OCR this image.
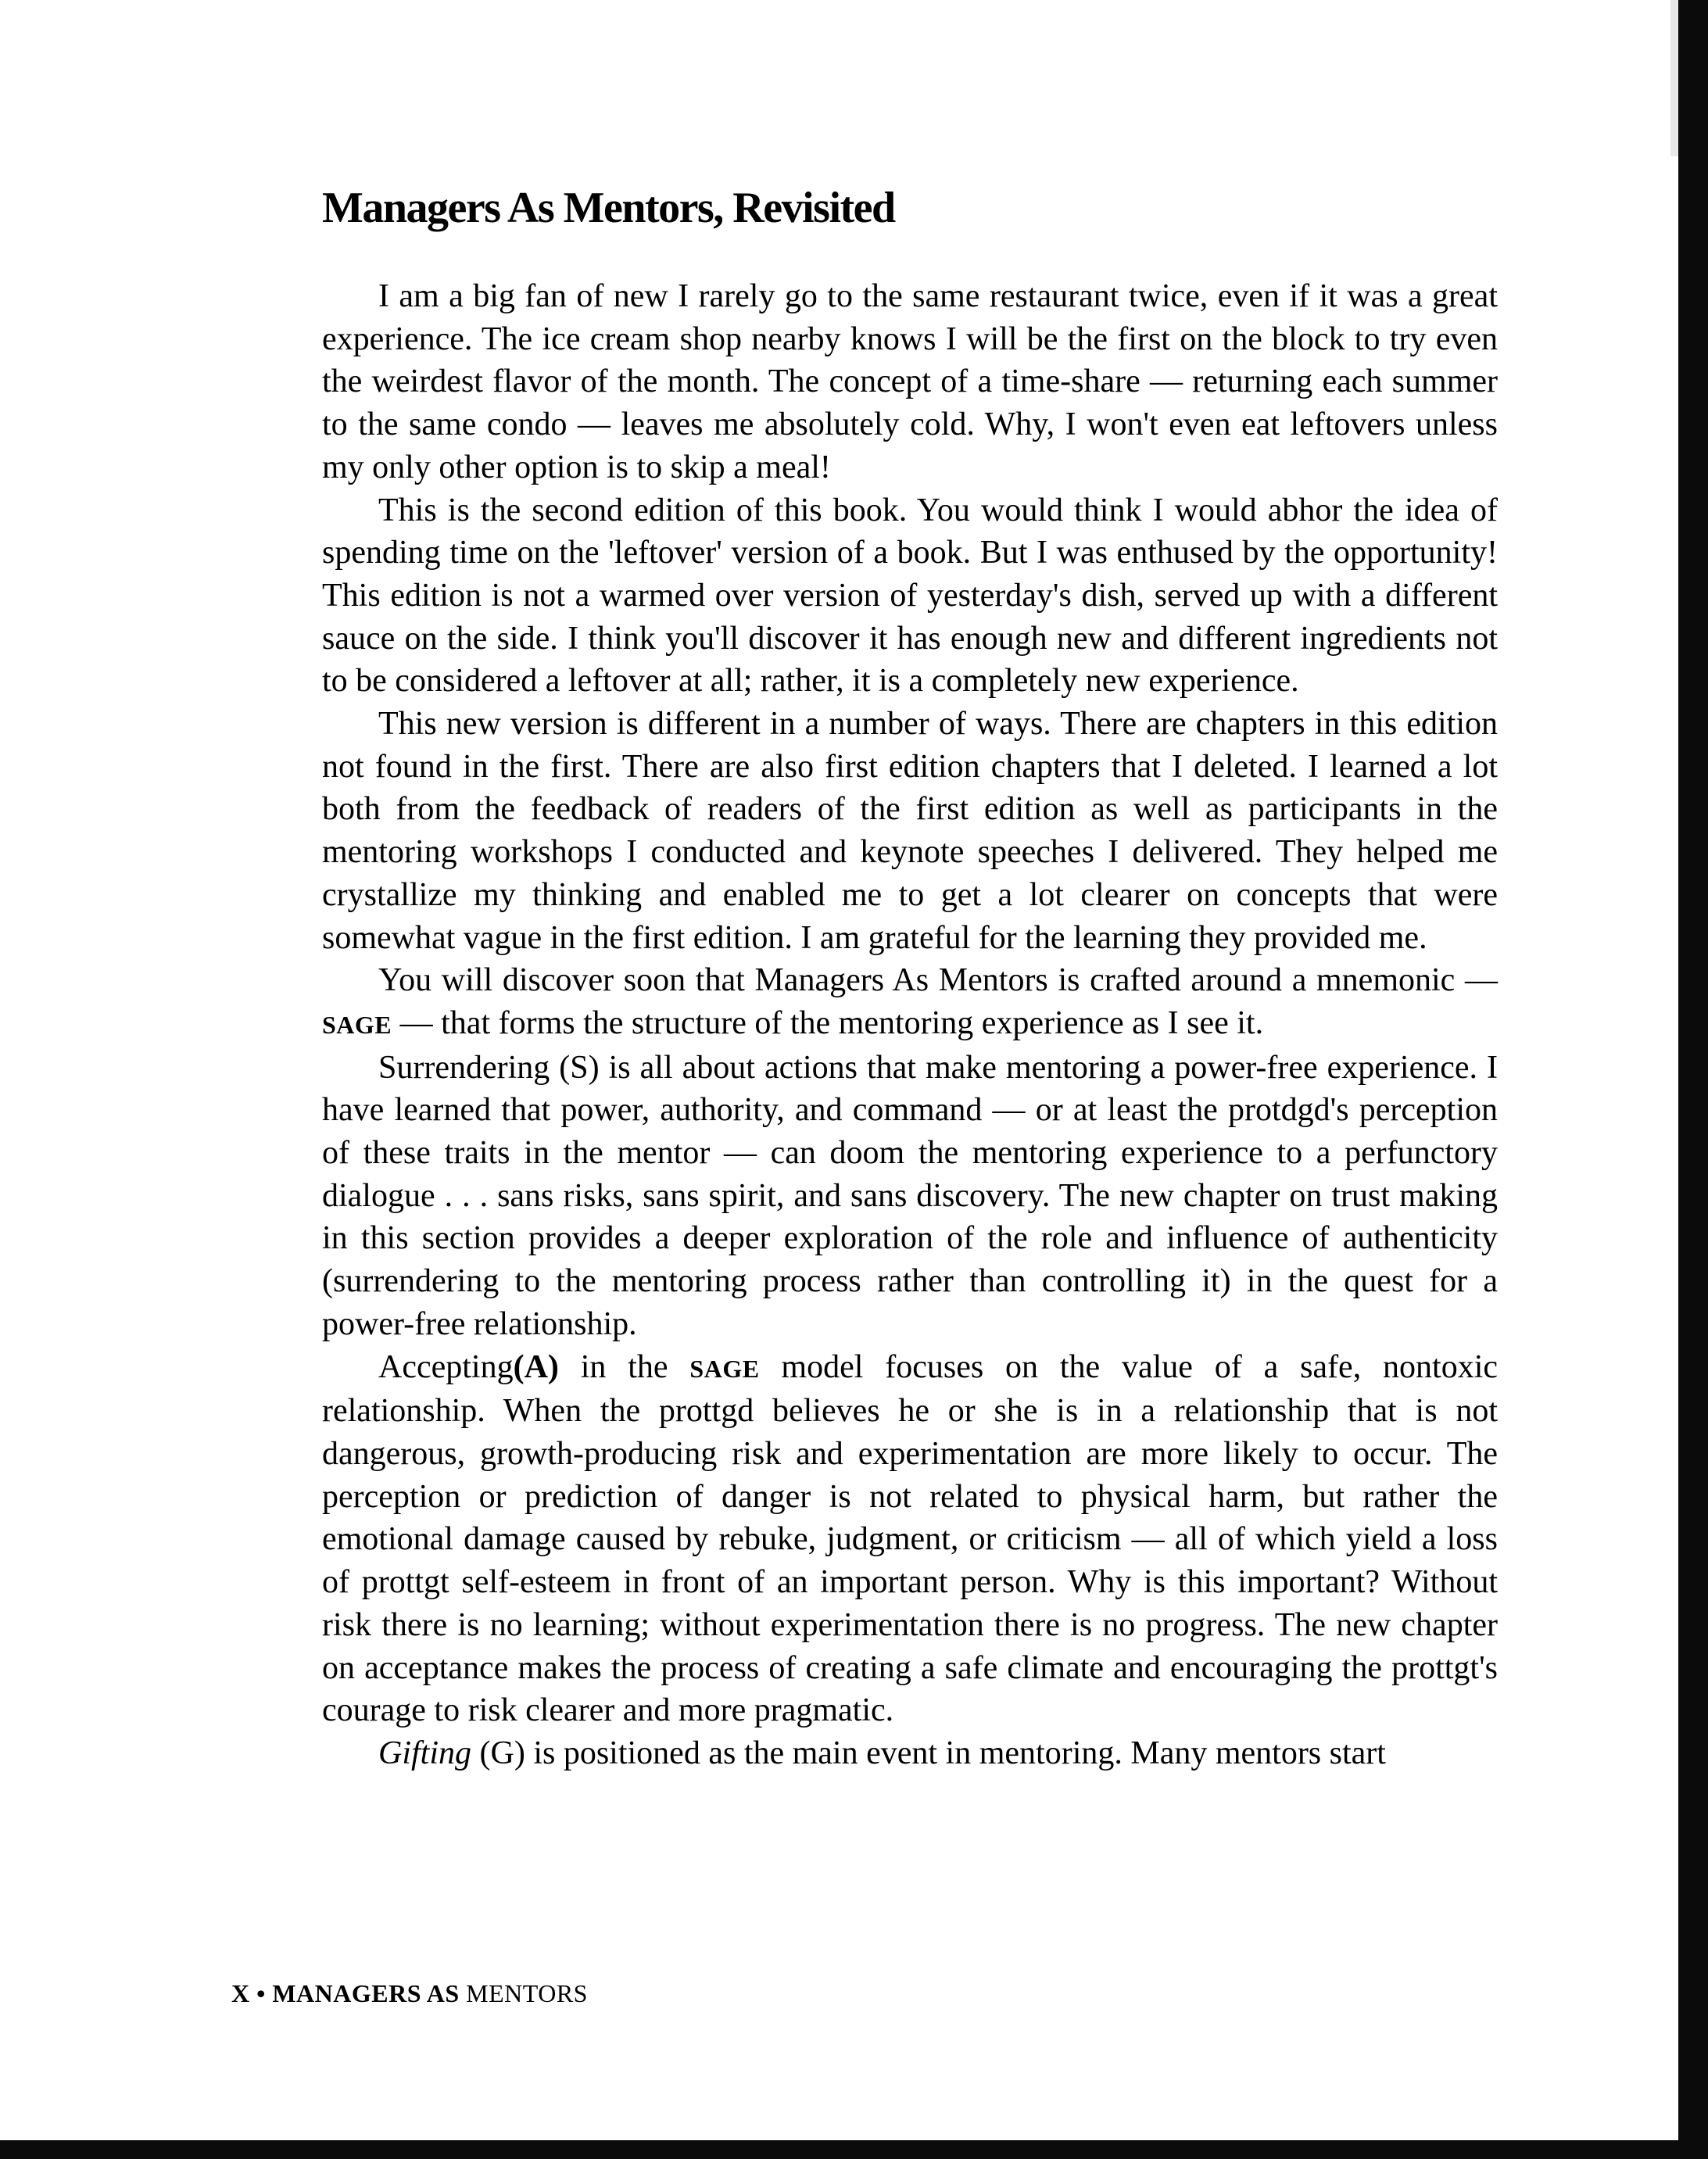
Managers As Mentors, Revisited

I am a big fan of new I rarely go to the same restaurant twice, even if it was a great experience. The ice cream shop nearby knows I will be the first on the block to try even the weirdest flavor of the month. The concept of a time-share — returning each summer to the same condo — leaves me absolutely cold. Why, I won't even eat leftovers unless my only other option is to skip a meal!

This is the second edition of this book. You would think I would abhor the idea of spending time on the 'leftover' version of a book. But I was enthused by the opportunity! This edition is not a warmed over version of yesterday's dish, served up with a different sauce on the side. I think you'll discover it has enough new and different ingredients not to be considered a leftover at all; rather, it is a completely new experience.

This new version is different in a number of ways. There are chapters in this edition not found in the first. There are also first edition chapters that I deleted. I learned a lot both from the feedback of readers of the first edition as well as participants in the mentoring workshops I conducted and keynote speeches I delivered. They helped me crystallize my thinking and enabled me to get a lot clearer on concepts that were somewhat vague in the first edition. I am grateful for the learning they provided me.

You will discover soon that Managers As Mentors is crafted around a mnemonic —SAGE — that forms the structure of the mentoring experience as I see it.

Surrendering (S) is all about actions that make mentoring a power-free experience. I have learned that power, authority, and command — or at least the protdgd's perception of these traits in the mentor — can doom the mentoring experience to a perfunctory dialogue . . . sans risks, sans spirit, and sans discovery. The new chapter on trust making in this section provides a deeper exploration of the role and influence of authenticity (surrendering to the mentoring process rather than controlling it) in the quest for a power-free relationship.

Accepting(A) in the SAGE model focuses on the value of a safe, nontoxic relationship. When the prottgd believes he or she is in a relationship that is not dangerous, growth-producing risk and experimentation are more likely to occur. The perception or prediction of danger is not related to physical harm, but rather the emotional damage caused by rebuke, judgment, or criticism — all of which yield a loss of prottgt self-esteem in front of an important person. Why is this important? Without risk there is no learning; without experimentation there is no progress. The new chapter on acceptance makes the process of creating a safe climate and encouraging the prottgt's courage to risk clearer and more pragmatic.

Gifting (G) is positioned as the main event in mentoring. Many mentors start

X • MANAGERS AS MENTORS
